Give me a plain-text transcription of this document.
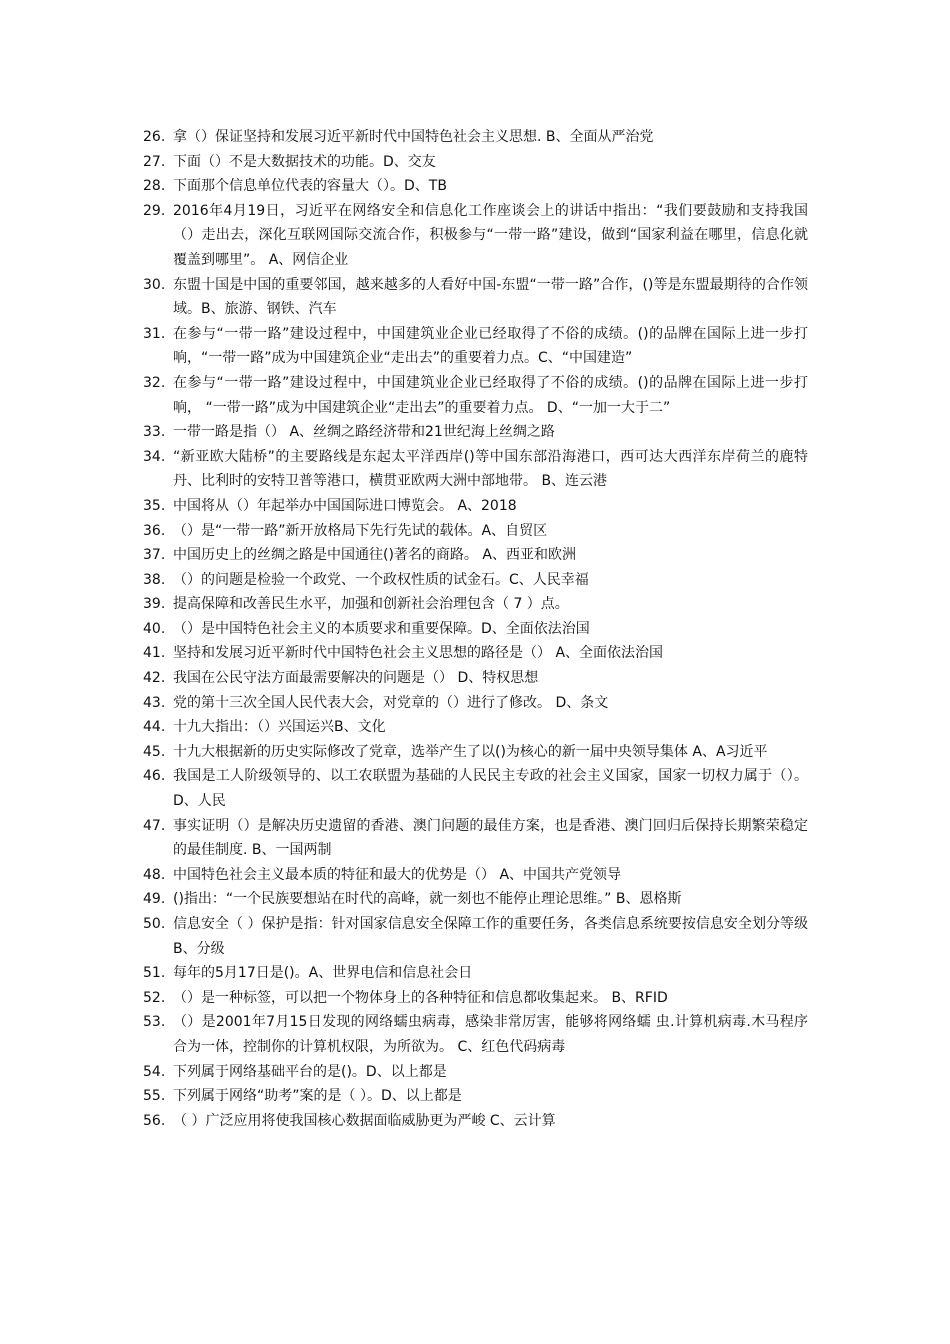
26. 拿（）保证坚持和发展习近平新时代中国特色社会主义思想. B、全面从严治党
27. 下面（）不是大数据技术的功能。D、交友
28. 下面那个信息单位代表的容量大（）。D、TB
29. 2016年4月19日，习近平在网络安全和信息化工作座谈会上的讲话中指出：“我们要鼓励和支持我国（）走出去，深化互联网国际交流合作，积极参与“一带一路”建设，做到“国家利益在哪里，信息化就覆盖到哪里”。 A、网信企业
30. 东盟十国是中国的重要邻国，越来越多的人看好中国-东盟“一带一路”合作，()等是东盟最期待的合作领域。B、旅游、钢铁、汽车
31. 在参与“一带一路”建设过程中，中国建筑业企业已经取得了不俗的成绩。()的品牌在国际上进一步打响，“一带一路”成为中国建筑企业“走出去”的重要着力点。C、“中国建造”
32. 在参与“一带一路”建设过程中，中国建筑业企业已经取得了不俗的成绩。()的品牌在国际上进一步打响， “一带一路”成为中国建筑企业“走出去”的重要着力点。 D、“一加一大于二”
33. 一带一路是指（） A、丝绸之路经济带和21世纪海上丝绸之路
34. “新亚欧大陆桥”的主要路线是东起太平洋西岸()等中国东部沿海港口，西可达大西洋东岸荷兰的鹿特丹、比利时的安特卫普等港口，横贯亚欧两大洲中部地带。 B、连云港
35. 中国将从（）年起举办中国国际进口博览会。 A、2018
36. （）是“一带一路”新开放格局下先行先试的载体。A、自贸区
37. 中国历史上的丝绸之路是中国通往()著名的商路。 A、西亚和欧洲
38. （）的问题是检验一个政党、一个政权性质的试金石。C、人民幸福
39. 提高保障和改善民生水平，加强和创新社会治理包含（ 7 ）点。
40. （）是中国特色社会主义的本质要求和重要保障。D、全面依法治国
41. 坚持和发展习近平新时代中国特色社会主义思想的路径是（） A、全面依法治国
42. 我国在公民守法方面最需要解决的问题是（） D、特权思想
43. 党的第十三次全国人民代表大会，对党章的（）进行了修改。 D、条文
44. 十九大指出：（）兴国运兴B、文化
45. 十九大根据新的历史实际修改了党章，选举产生了以()为核心的新一届中央领导集体 A、A习近平
46. 我国是工人阶级领导的、以工农联盟为基础的人民民主专政的社会主义国家，国家一切权力属于（）。 D、人民
47. 事实证明（）是解决历史遗留的香港、澳门问题的最佳方案，也是香港、澳门回归后保持长期繁荣稳定的最佳制度. B、一国两制
48. 中国特色社会主义最本质的特征和最大的优势是（） A、中国共产党领导
49. ()指出：“一个民族要想站在时代的高峰，就一刻也不能停止理论思维。” B、恩格斯
50. 信息安全（ ）保护是指：针对国家信息安全保障工作的重要任务，各类信息系统要按信息安全划分等级B、分级
51. 每年的5月17日是()。A、世界电信和信息社会日
52. （）是一种标签，可以把一个物体身上的各种特征和信息都收集起来。 B、RFID
53. （）是2001年7月15日发现的网络蠕虫病毒，感染非常厉害，能够将网络蠕 虫.计算机病毒.木马程序合为一体，控制你的计算机权限，为所欲为。 C、红色代码病毒
54. 下列属于网络基础平台的是()。D、以上都是
55. 下列属于网络“助考”案的是（ ）。D、以上都是
56. （ ）广泛应用将使我国核心数据面临威胁更为严峻 C、云计算
